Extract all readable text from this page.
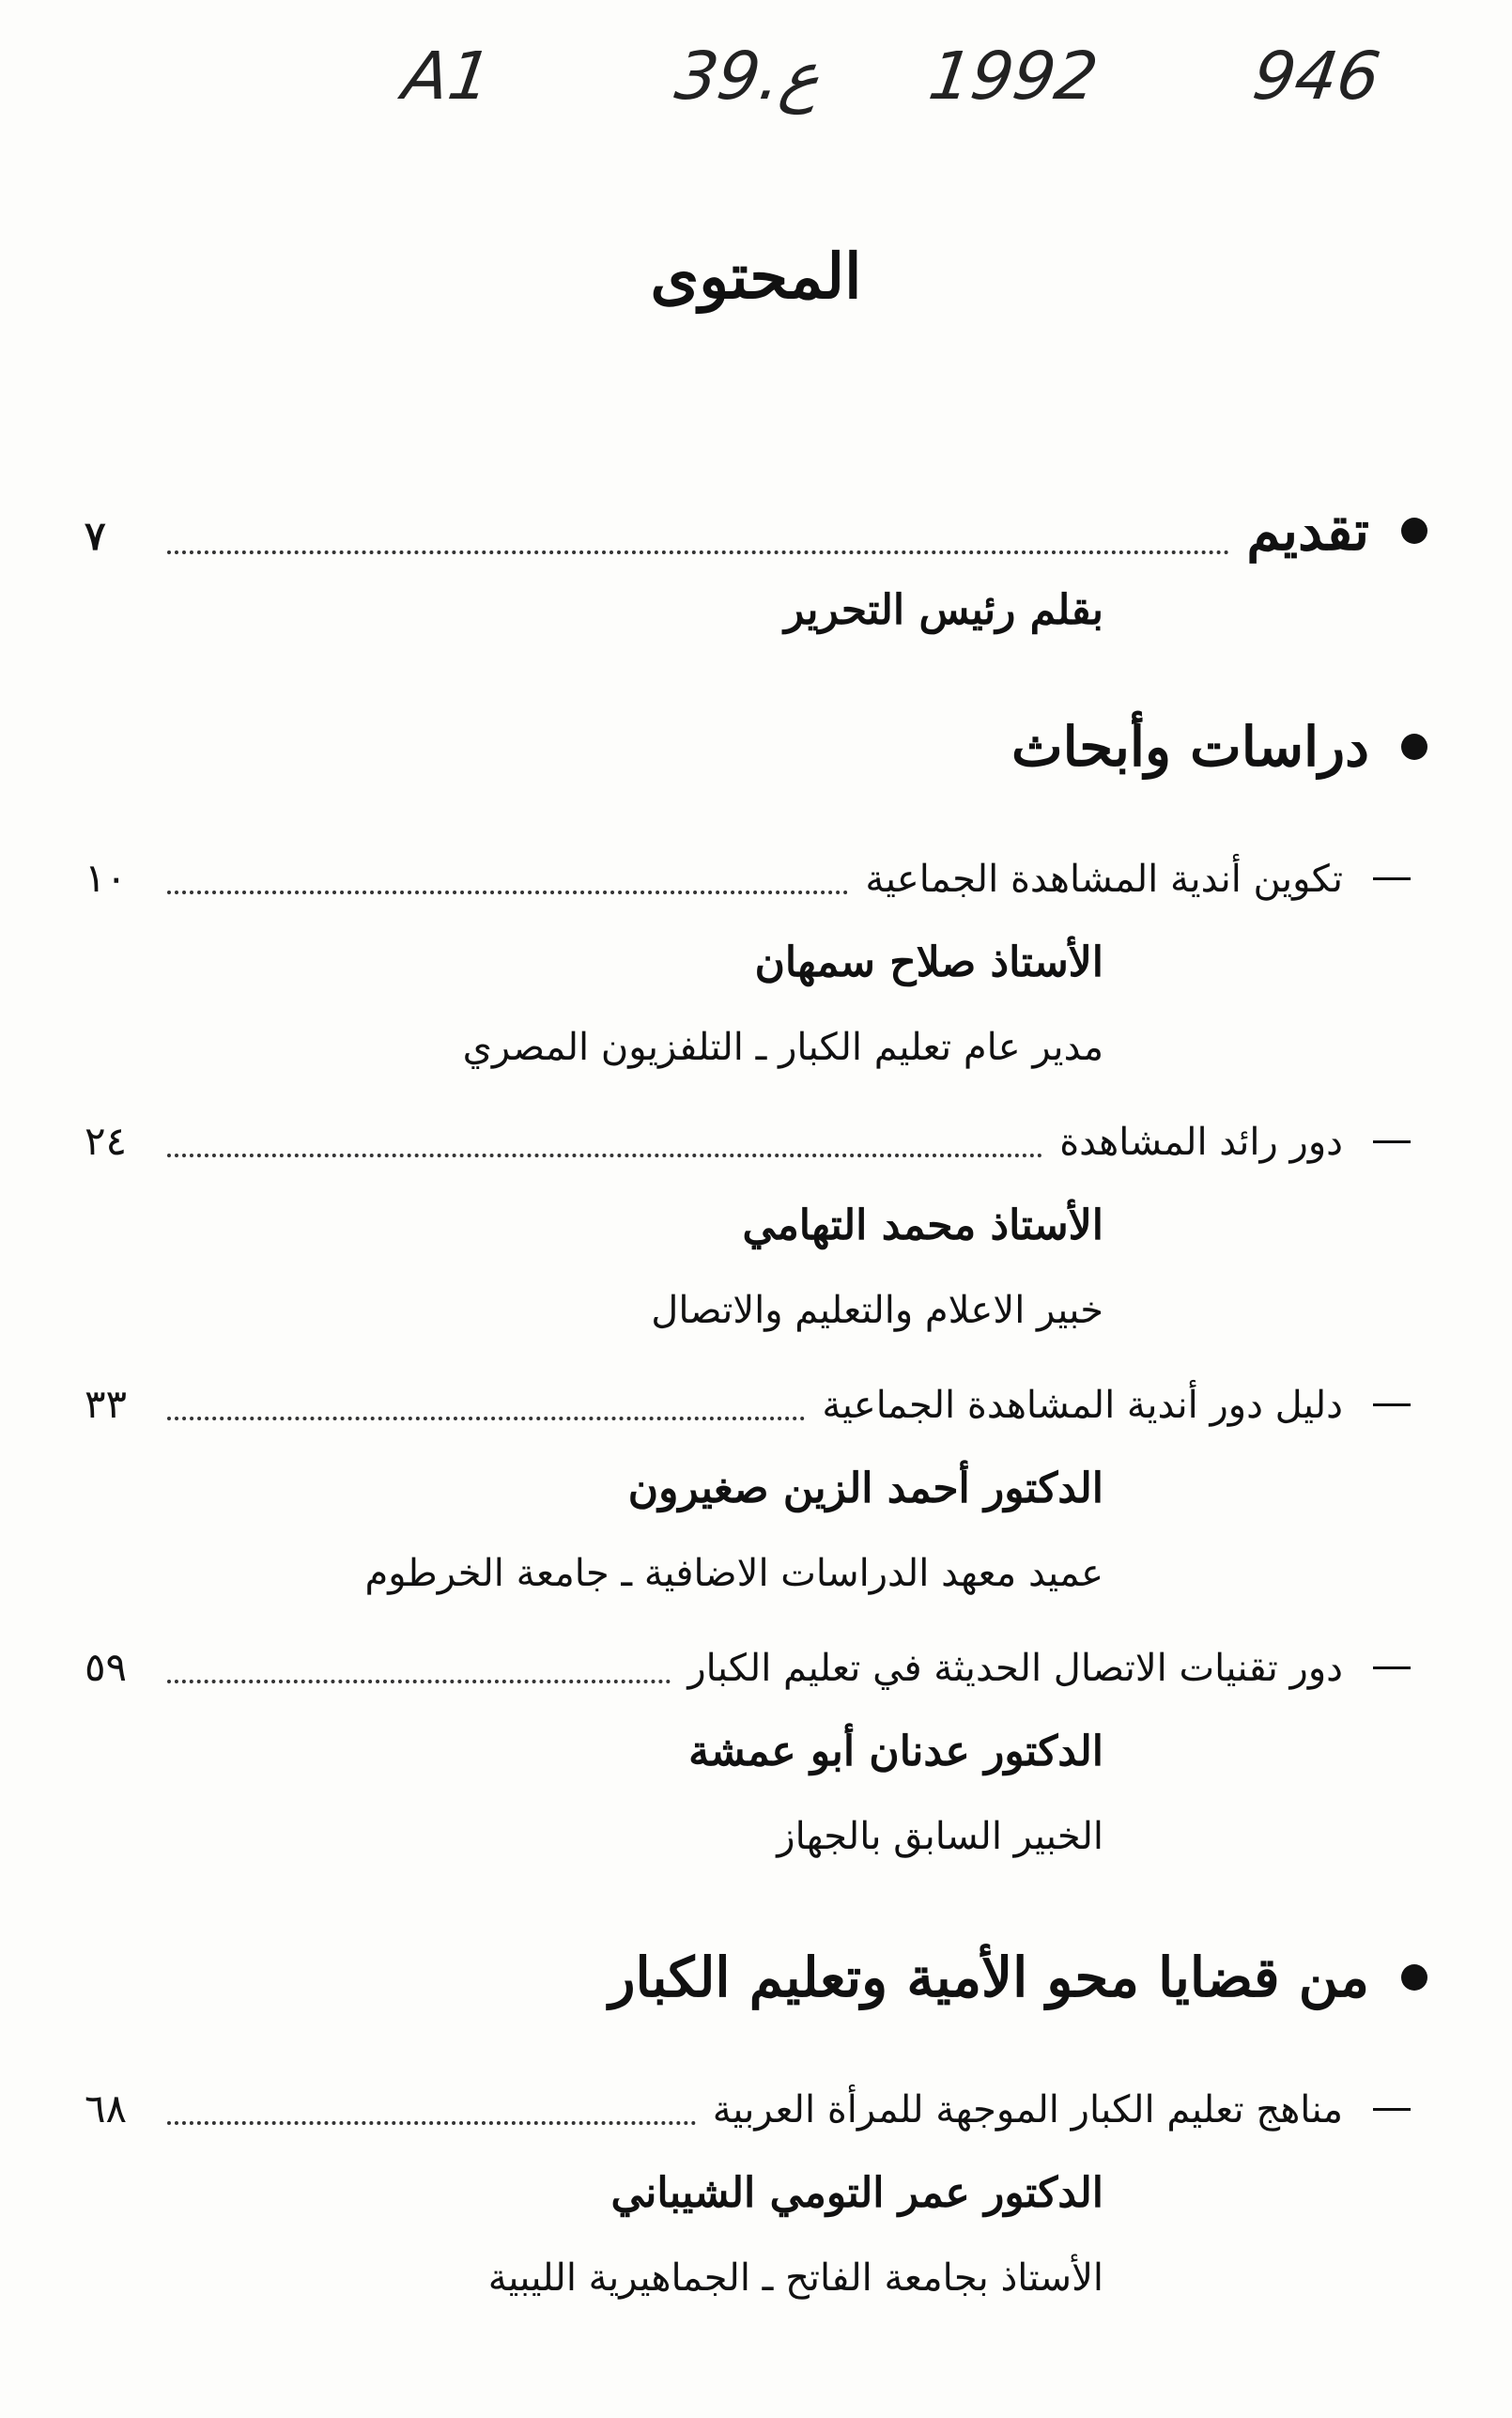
A1	39.ع 1992 946
المحتوى
تقديم
٧
بقلم رئيس التحرير
دراسات وأبحاث
تكوين أندية المشاهدة الجماعية
١٠
الأستاذ صلاح سمهان
مدير عام تعليم الكبار ـ التلفزيون المصري
دور رائد المشاهدة
٢٤
الأستاذ محمد التهامي
خبير الاعلام والتعليم والاتصال
دليل دور أندية المشاهدة الجماعية
٣٣
الدكتور أحمد الزين صغيرون
عميد معهد الدراسات الاضافية ـ جامعة الخرطوم
دور تقنيات الاتصال الحديثة في تعليم الكبار
٥٩
الدكتور عدنان أبو عمشة
الخبير السابق بالجهاز
من قضايا محو الأمية وتعليم الكبار
مناهج تعليم الكبار الموجهة للمرأة العربية
٦٨
الدكتور عمر التومي الشيباني
الأستاذ بجامعة الفاتح ـ الجماهيرية الليبية
